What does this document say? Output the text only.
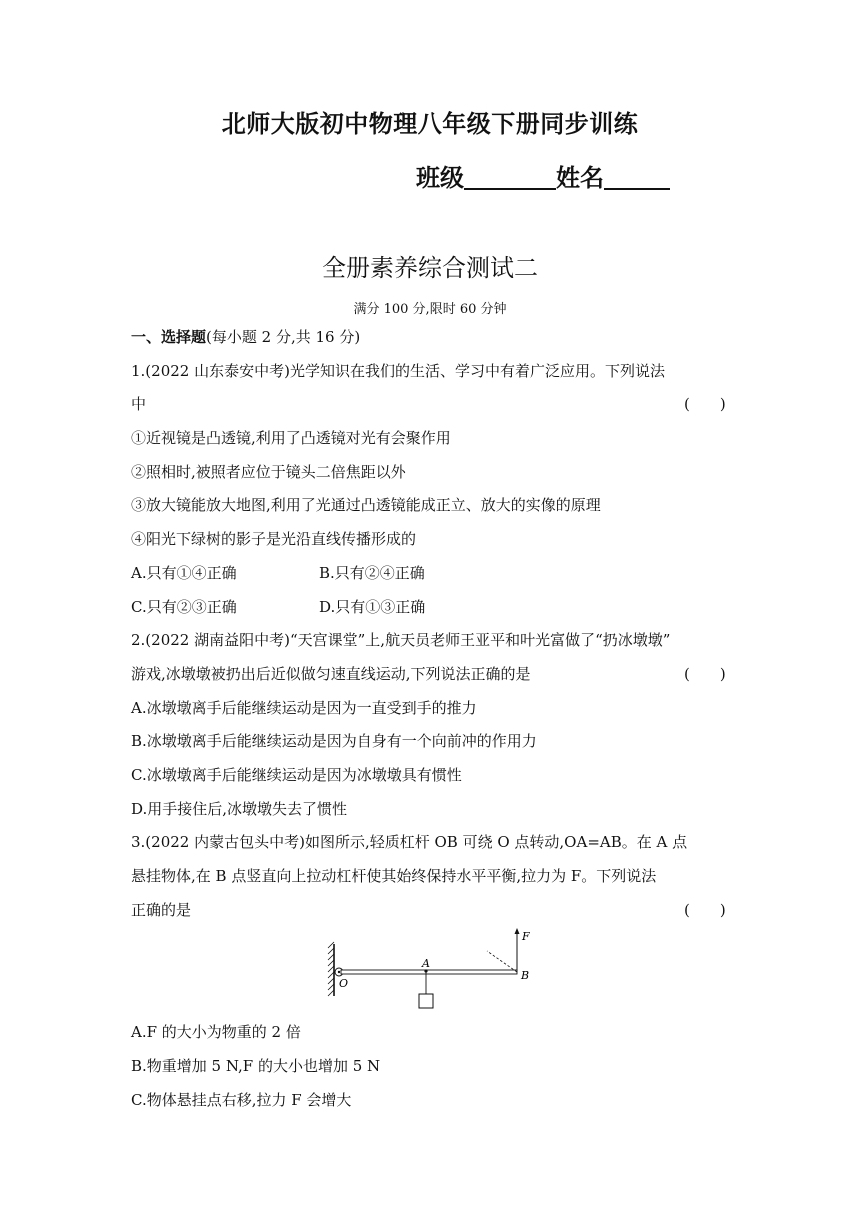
北师大版初中物理八年级下册同步训练
班级	姓名
全册素养综合测试二
满分 100 分,限时 60 分钟
一、选择题(每小题 2 分,共 16 分)
1.(2022 山东泰安中考)光学知识在我们的生活、学习中有着广泛应用。下列说法
中	(　　)
①近视镜是凸透镜,利用了凸透镜对光有会聚作用
②照相时,被照者应位于镜头二倍焦距以外
③放大镜能放大地图,利用了光通过凸透镜能成正立、放大的实像的原理
④阳光下绿树的影子是光沿直线传播形成的
A.只有①④正确	B.只有②④正确
C.只有②③正确	D.只有①③正确
2.(2022 湖南益阳中考)“天宫课堂”上,航天员老师王亚平和叶光富做了“扔冰墩墩”
游戏,冰墩墩被扔出后近似做匀速直线运动,下列说法正确的是	(　　)
A.冰墩墩离手后能继续运动是因为一直受到手的推力
B.冰墩墩离手后能继续运动是因为自身有一个向前冲的作用力
C.冰墩墩离手后能继续运动是因为冰墩墩具有惯性
D.用手接住后,冰墩墩失去了惯性
3.(2022 内蒙古包头中考)如图所示,轻质杠杆 OB 可绕 O 点转动,OA=AB。在 A 点
悬挂物体,在 B 点竖直向上拉动杠杆使其始终保持水平平衡,拉力为 F。下列说法
正确的是	(　　)
O
A
B
F
A.F 的大小为物重的 2 倍
B.物重增加 5 N,F 的大小也增加 5 N
C.物体悬挂点右移,拉力 F 会增大
